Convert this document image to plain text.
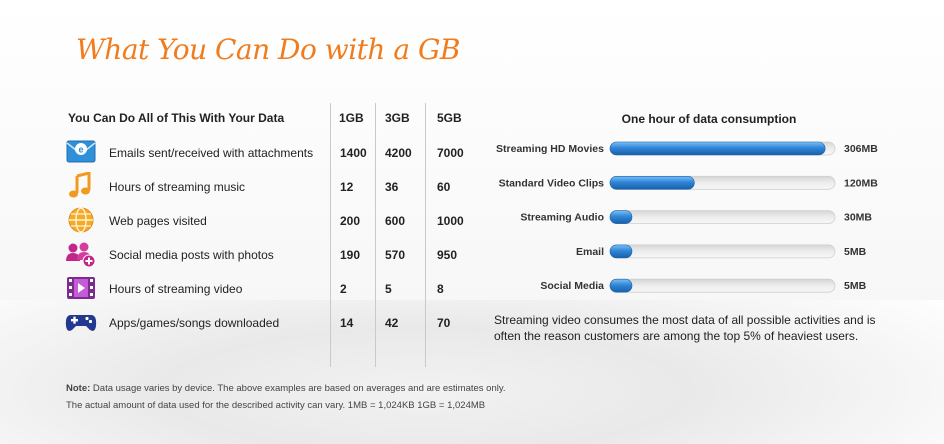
What You Can Do with a GB
You Can Do All of This With Your Data	1GB 3GB 5GB
e Emails sent/received with attachments 1400 4200 7000
Hours of streaming music	12	36	60
Web pages visited	200 600	1000
Social media posts with photos	190 570	950
Hours of streaming video	2	5	8
Apps/games/songs downloaded	14	42	70
One hour of data consumption
Streaming HD Movies	306MB
Standard Video Clips	120MB
Streaming Audio	30MB
Email	5MB
Social Media	5MB
Streaming video consumes the most data of all possible activities and is often the reason customers are among the top 5% of heaviest users.
Note: Data usage varies by device. The above examples are based on averages and are estimates only.
The actual amount of data used for the described activity can vary. 1MB = 1,024KB 1GB = 1,024MB
